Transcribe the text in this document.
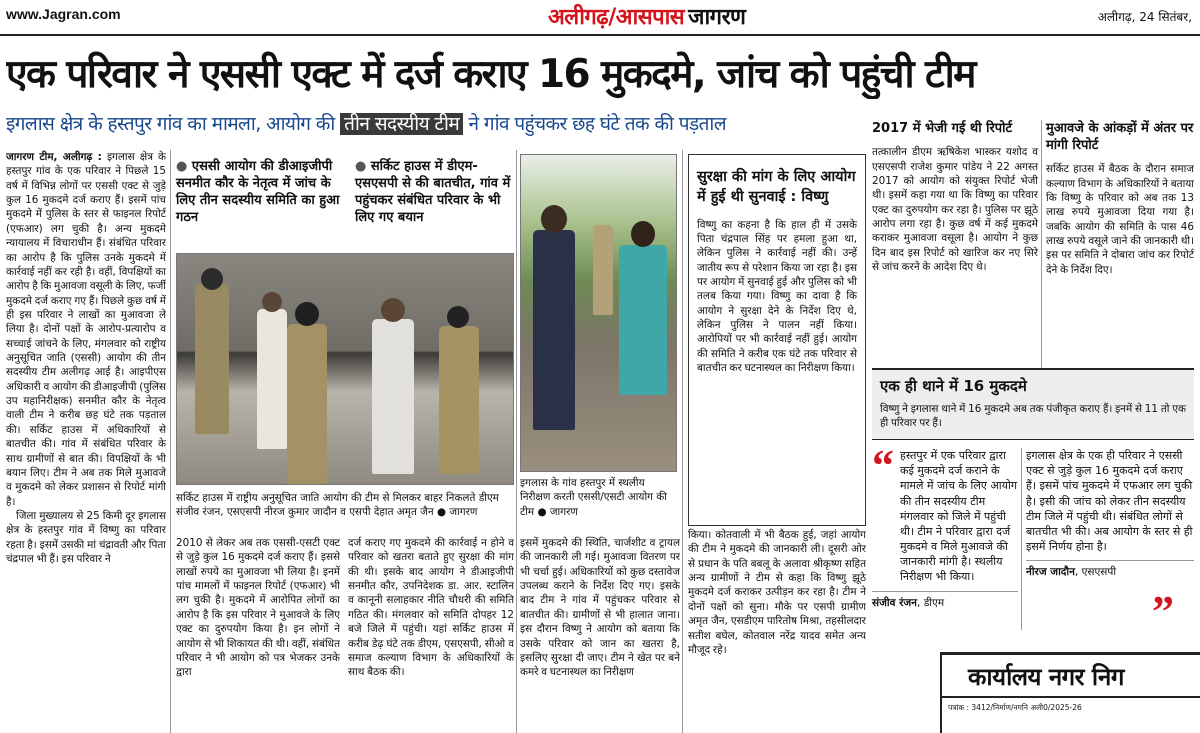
www.Jagran.com	अलीगढ़/आसपास जागरण	अलीगढ़, 24 सितंबर,
एक परिवार ने एससी एक्ट में दर्ज कराए 16 मुकदमे, जांच को पहुंची टीम
इगलास क्षेत्र के हस्तपुर गांव का मामला, आयोग की तीन सदस्यीय टीम ने गांव पहुंचकर छह घंटे तक की पड़ताल

जागरण टीम, अलीगढ़ : इगलास क्षेत्र के हस्तपुर गांव के एक परिवार ने पिछले 15 वर्ष में विभिन्न लोगों पर एससी एक्ट से जुड़े कुल 16 मुकदमे दर्ज कराए हैं। इसमें पांच मुकदमे में पुलिस के स्तर से फाइनल रिपोर्ट (एफआर) लग चुकी है। अन्य मुकदमे न्यायालय में विचाराधीन हैं। संबंधित परिवार का आरोप है कि पुलिस उनके मुकदमे में कार्रवाई नहीं कर रही है। वहीं, विपक्षियों का आरोप है कि मुआवजा वसूली के लिए, फर्जी मुकदमे दर्ज कराए गए हैं। पिछले कुछ वर्ष में ही इस परिवार ने लाखों का मुआवजा ले लिया है। दोनों पक्षों के आरोप-प्रत्यारोप व सच्चाई जांचने के लिए, मंगलवार को राष्ट्रीय अनुसूचित जाति (एससी) आयोग की तीन सदस्यीय टीम अलीगढ़ आई है। आइपीएस अधिकारी व आयोग की डीआइजीपी (पुलिस उप महानिरीक्षक) सनमीत कौर के नेतृत्व वाली टीम ने करीब छह घंटे तक पड़ताल की। सर्किट हाउस में अधिकारियों से बातचीत की। गांव में संबंधित परिवार के साथ ग्रामीणों से बात की। विपक्षियों के भी बयान लिए। टीम ने अब तक मिले मुआवजे व मुकदमे को लेकर प्रशासन से रिपोर्ट मांगी है।

जिला मुख्यालय से 25 किमी दूर इगलास क्षेत्र के हस्तपुर गांव में विष्णु का परिवार रहता है। इसमें उसकी मां चंद्रावती और पिता चंद्रपाल भी हैं। इस परिवार ने

● एससी आयोग की डीआइजीपी सनमीत कौर के नेतृत्व में जांच के लिए तीन सदस्यीय समिति का हुआ गठन
● सर्किट हाउस में डीएम-एसएसपी से की बातचीत, गांव में पहुंचकर संबंधित परिवार के भी लिए गए बयान
सर्किट हाउस में राष्ट्रीय अनुसूचित जाति आयोग की टीम से मिलकर बाहर निकलते डीएम संजीव रंजन, एसएसपी नीरज कुमार जादौन व एसपी देहात अमृत जैन ● जागरण
इगलास के गांव हस्तपुर में स्थलीय निरीक्षण करती एससी/एसटी आयोग की टीम ● जागरण
2010 से लेकर अब तक एससी-एसटी एक्ट से जुड़े कुल 16 मुकदमे दर्ज कराए हैं। इससे लाखों रुपये का मुआवजा भी लिया है। इनमें पांच मामलों में फाइनल रिपोर्ट (एफआर) भी लग चुकी है। मुकदमे में आरोपित लोगों का आरोप है कि इस परिवार ने मुआवजे के लिए एक्ट का दुरुपयोग किया है। इन लोगों ने आयोग से भी शिकायत की थी। वहीं, संबंधित परिवार ने भी आयोग को पत्र भेजकर उनके द्वारा
दर्ज कराए गए मुकदमे की कार्रवाई न होने व परिवार को खतरा बताते हुए सुरक्षा की मांग की थी। इसके बाद आयोग ने डीआइजीपी सनमीत कौर, उपनिदेशक डा. आर. स्टालिन व कानूनी सलाहकार नीति चौधरी की समिति गठित की। मंगलवार को समिति दोपहर 12 बजे जिले में पहुंची। यहां सर्किट हाउस में करीब डेढ़ घंटे तक डीएम, एसएसपी, सीओ व समाज कल्याण विभाग के अधिकारियों के साथ बैठक की।
इसमें मुकदमे की स्थिति, चार्जशीट व ट्रायल की जानकारी ली गई। मुआवजा वितरण पर भी चर्चा हुई। अधिकारियों को कुछ दस्तावेज उपलब्ध कराने के निर्देश दिए गए। इसके बाद टीम ने गांव में पहुंचकर परिवार से बातचीत की। ग्रामीणों से भी हालात जाना। इस दौरान विष्णु ने आयोग को बताया कि उसके परिवार को जान का खतरा है, इसलिए सुरक्षा दी जाए। टीम ने खेत पर बने कमरे व घटनास्थल का निरीक्षण
सुरक्षा की मांग के लिए आयोग में हुई थी सुनवाई : विष्णु
विष्णु का कहना है कि हाल ही में उसके पिता चंद्रपाल सिंह पर हमला हुआ था, लेकिन पुलिस ने कार्रवाई नहीं की। उन्हें जातीय रूप से परेशान किया जा रहा है। इस पर आयोग में सुनवाई हुई और पुलिस को भी तलब किया गया। विष्णु का दावा है कि आयोग ने सुरक्षा देने के निर्देश दिए थे, लेकिन पुलिस ने पालन नहीं किया। आरोपियों पर भी कार्रवाई नहीं हुई। आयोग की समिति ने करीब एक घंटे तक परिवार से बातचीत कर घटनास्थल का निरीक्षण किया।
किया। कोतवाली में भी बैठक हुई, जहां आयोग की टीम ने मुकदमे की जानकारी ली। दूसरी ओर से प्रधान के पति बबलू के अलावा श्रीकृष्ण सहित अन्य ग्रामीणों ने टीम से कहा कि विष्णु झूठे मुकदमे दर्ज कराकर उत्पीड़न कर रहा है। टीम ने दोनों पक्षों को सुना। मौके पर एसपी ग्रामीण अमृत जैन, एसडीएम पारितोष मिश्रा, तहसीलदार सतीश बघेल, कोतवाल नरेंद्र यादव समेत अन्य मौजूद रहे।
2017 में भेजी गई थी रिपोर्ट
तत्कालीन डीएम ऋषिकेश भास्कर यशोद व एसएसपी राजेश कुमार पांडेय ने 22 अगस्त 2017 को आयोग को संयुक्त रिपोर्ट भेजी थी। इसमें कहा गया था कि विष्णु का परिवार एक्ट का दुरुपयोग कर रहा है। पुलिस पर झूठे आरोप लगा रहा है। कुछ वर्ष में कई मुकदमे कराकर मुआवजा वसूला है। आयोग ने कुछ दिन बाद इस रिपोर्ट को खारिज कर नए सिरे से जांच करने के आदेश दिए थे।
मुआवजे के आंकड़ों में अंतर पर मांगी रिपोर्ट
सर्किट हाउस में बैठक के दौरान समाज कल्याण विभाग के अधिकारियों ने बताया कि विष्णु के परिवार को अब तक 13 लाख रुपये मुआवजा दिया गया है। जबकि आयोग की समिति के पास 46 लाख रुपये वसूले जाने की जानकारी थी। इस पर समिति ने दोबारा जांच कर रिपोर्ट देने के निर्देश दिए।
एक ही थाने में 16 मुकदमे
विष्णु ने इगलास थाने में 16 मुकदमे अब तक पंजीकृत कराए हैं। इनमें से 11 तो एक ही परिवार पर हैं।
“
”
हस्तपुर में एक परिवार द्वारा कई मुकदमे दर्ज कराने के मामले में जांच के लिए आयोग की तीन सदस्यीय टीम मंगलवार को जिले में पहुंची थी। टीम ने परिवार द्वारा दर्ज मुकदमे व मिले मुआवजे की जानकारी मांगी है। स्थलीय निरीक्षण भी किया।
संजीव रंजन, डीएम
इगलास क्षेत्र के एक ही परिवार ने एससी एक्ट से जुड़े कुल 16 मुकदमे दर्ज कराए हैं। इसमें पांच मुकदमे में एफआर लग चुकी है। इसी की जांच को लेकर तीन सदस्यीय टीम जिले में पहुंची थी। संबंधित लोगों से बातचीत भी की। अब आयोग के स्तर से ही इसमें निर्णय होना है।
नीरज जादौन, एसएसपी
कार्यालय नगर निग
पत्रांक : 3412/निर्माण/नगनि अली0/2025-26
